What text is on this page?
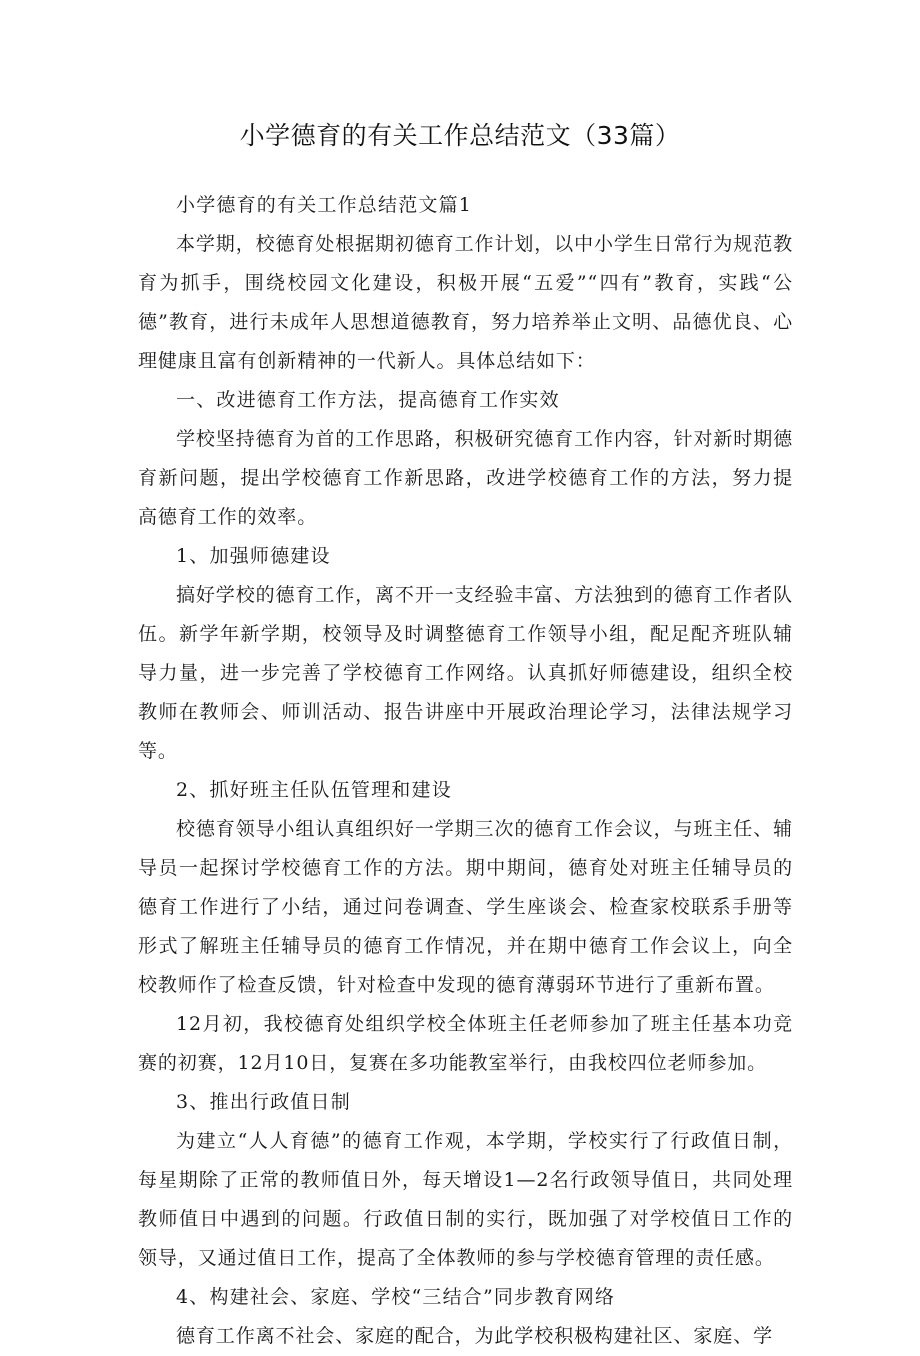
小学德育的有关工作总结范文（33篇）

小学德育的有关工作总结范文篇1

本学期，校德育处根据期初德育工作计划，以中小学生日常行为规范教育为抓手，围绕校园文化建设，积极开展“五爱”“四有”教育，实践“公德”教育，进行未成年人思想道德教育，努力培养举止文明、品德优良、心理健康且富有创新精神的一代新人。具体总结如下：

一、改进德育工作方法，提高德育工作实效

学校坚持德育为首的工作思路，积极研究德育工作内容，针对新时期德育新问题，提出学校德育工作新思路，改进学校德育工作的方法，努力提高德育工作的效率。

1、加强师德建设

搞好学校的德育工作，离不开一支经验丰富、方法独到的德育工作者队伍。新学年新学期，校领导及时调整德育工作领导小组，配足配齐班队辅导力量，进一步完善了学校德育工作网络。认真抓好师德建设，组织全校教师在教师会、师训活动、报告讲座中开展政治理论学习，法律法规学习等。

2、抓好班主任队伍管理和建设

校德育领导小组认真组织好一学期三次的德育工作会议，与班主任、辅导员一起探讨学校德育工作的方法。期中期间，德育处对班主任辅导员的德育工作进行了小结，通过问卷调查、学生座谈会、检查家校联系手册等形式了解班主任辅导员的德育工作情况，并在期中德育工作会议上，向全校教师作了检查反馈，针对检查中发现的德育薄弱环节进行了重新布置。

12月初，我校德育处组织学校全体班主任老师参加了班主任基本功竞赛的初赛，12月10日，复赛在多功能教室举行，由我校四位老师参加。

3、推出行政值日制

为建立“人人育德”的德育工作观，本学期，学校实行了行政值日制，每星期除了正常的教师值日外，每天增设1—2名行政领导值日，共同处理教师值日中遇到的问题。行政值日制的实行，既加强了对学校值日工作的领导，又通过值日工作，提高了全体教师的参与学校德育管理的责任感。

4、构建社会、家庭、学校“三结合”同步教育网络

德育工作离不社会、家庭的配合，为此学校积极构建社区、家庭、学
